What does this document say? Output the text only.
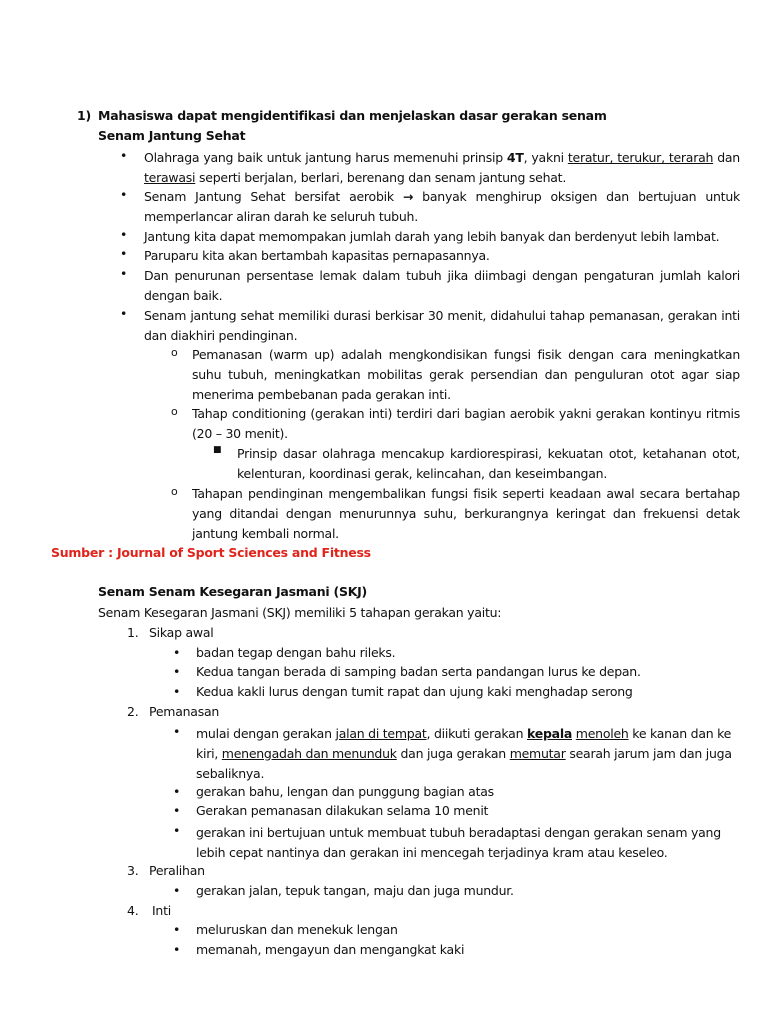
1) Mahasiswa dapat mengidentifikasi dan menjelaskan dasar gerakan senam
Senam Jantung Sehat
• Olahraga yang baik untuk jantung harus memenuhi prinsip 4T, yakni teratur, terukur, terarah dan terawasi seperti berjalan, berlari, berenang dan senam jantung sehat.
• Senam Jantung Sehat bersifat aerobik → banyak menghirup oksigen dan bertujuan untuk memperlancar aliran darah ke seluruh tubuh.
• Jantung kita dapat memompakan jumlah darah yang lebih banyak dan berdenyut lebih lambat.
• Paruparu kita akan bertambah kapasitas pernapasannya.
• Dan penurunan persentase lemak dalam tubuh jika diimbagi dengan pengaturan jumlah kalori dengan baik.
• Senam jantung sehat memiliki durasi berkisar 30 menit, didahului tahap pemanasan, gerakan inti dan diakhiri pendinginan.
o Pemanasan (warm up) adalah mengkondisikan fungsi fisik dengan cara meningkatkan suhu tubuh, meningkatkan mobilitas gerak persendian dan penguluran otot agar siap menerima pembebanan pada gerakan inti.
o Tahap conditioning (gerakan inti) terdiri dari bagian aerobik yakni gerakan kontinyu ritmis (20 – 30 menit).
■ Prinsip dasar olahraga mencakup kardiorespirasi, kekuatan otot, ketahanan otot, kelenturan, koordinasi gerak, kelincahan, dan keseimbangan.
o Tahapan pendinginan mengembalikan fungsi fisik seperti keadaan awal secara bertahap yang ditandai dengan menurunnya suhu, berkurangnya keringat dan frekuensi detak jantung kembali normal.
Sumber : Journal of Sport Sciences and Fitness
Senam Senam Kesegaran Jasmani (SKJ)
Senam Kesegaran Jasmani (SKJ) memiliki 5 tahapan gerakan yaitu:
1. Sikap awal
• badan tegap dengan bahu rileks.
• Kedua tangan berada di samping badan serta pandangan lurus ke depan.
• Kedua kakli lurus dengan tumit rapat dan ujung kaki menghadap serong
2. Pemanasan
• mulai dengan gerakan jalan di tempat, diikuti gerakan kepala menoleh ke kanan dan ke kiri, menengadah dan menunduk dan juga gerakan memutar searah jarum jam dan juga sebaliknya.
• gerakan bahu, lengan dan punggung bagian atas
• Gerakan pemanasan dilakukan selama 10 menit
• gerakan ini bertujuan untuk membuat tubuh beradaptasi dengan gerakan senam yang lebih cepat nantinya dan gerakan ini mencegah terjadinya kram atau keseleo.
3. Peralihan
• gerakan jalan, tepuk tangan, maju dan juga mundur.
4. Inti
• meluruskan dan menekuk lengan
• memanah, mengayun dan mengangkat kaki
